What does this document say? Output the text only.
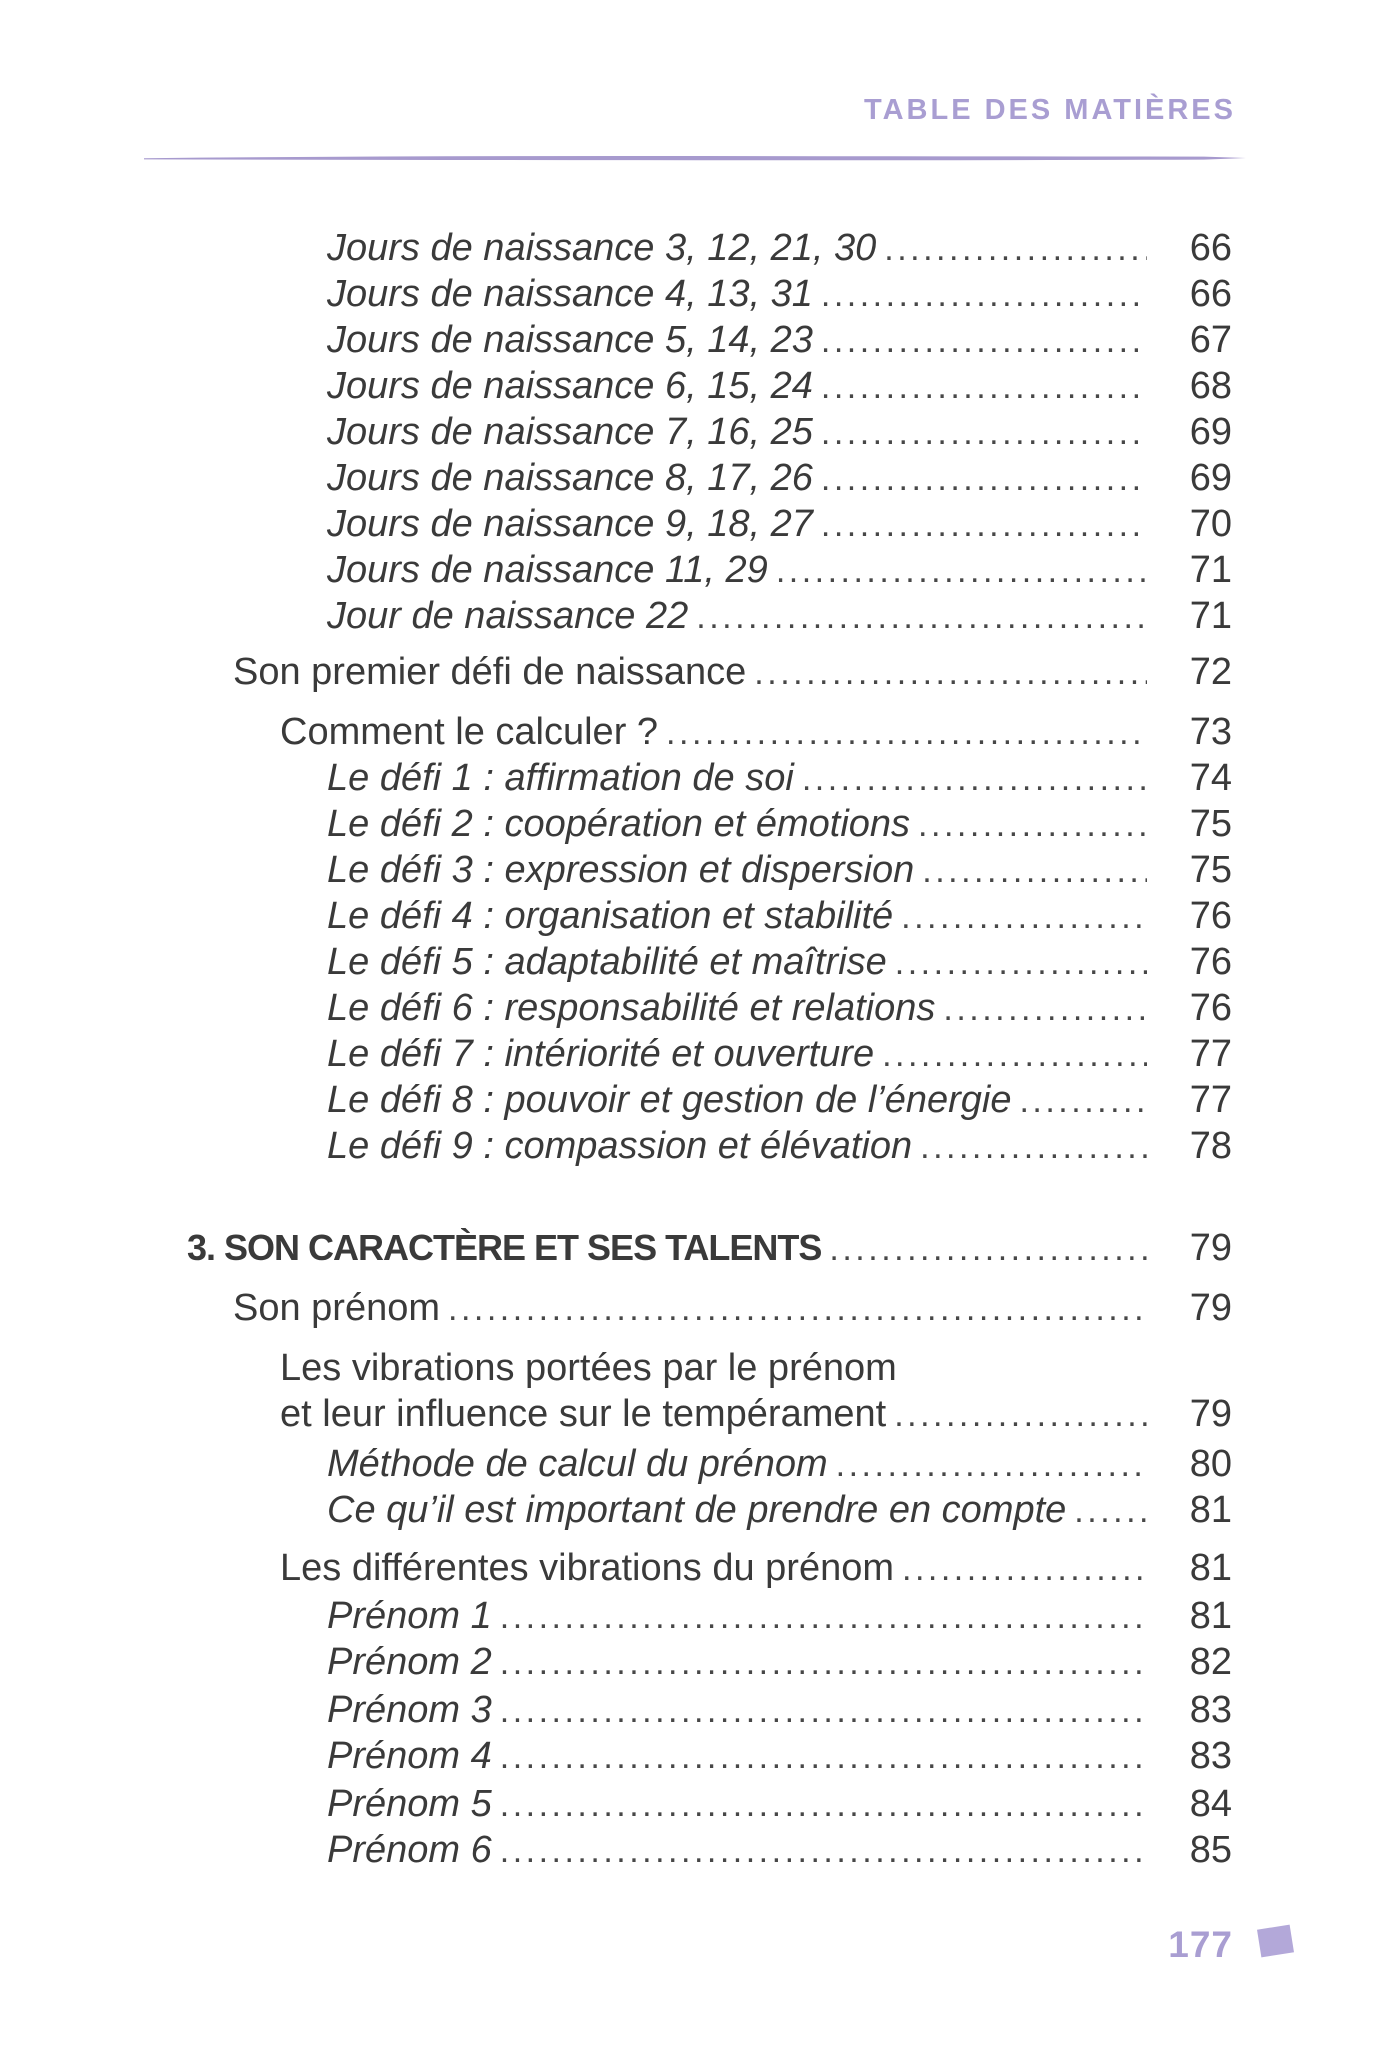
TABLE DES MATIÈRES
Jours de naissance 3, 12, 21, 30 .....	66
Jours de naissance 4, 13, 31 .....	66
Jours de naissance 5, 14, 23 .....	67
Jours de naissance 6, 15, 24 .....	68
Jours de naissance 7, 16, 25 .....	69
Jours de naissance 8, 17, 26 .....	69
Jours de naissance 9, 18, 27 .....	70
Jours de naissance 11, 29 .....	71
Jour de naissance 22 .....	71
Son premier défi de naissance .....	72
Comment le calculer ? .....	73
Le défi 1 : affirmation de soi .....	74
Le défi 2 : coopération et émotions .....	75
Le défi 3 : expression et dispersion .....	75
Le défi 4 : organisation et stabilité .....	76
Le défi 5 : adaptabilité et maîtrise .....	76
Le défi 6 : responsabilité et relations .....	76
Le défi 7 : intériorité et ouverture .....	77
Le défi 8 : pouvoir et gestion de l’énergie .....	77
Le défi 9 : compassion et élévation .....	78
3. SON CARACTÈRE ET SES TALENTS .....	79
Son prénom .....	79
Les vibrations portées par le prénom
et leur influence sur le tempérament .....	79
Méthode de calcul du prénom .....	80
Ce qu’il est important de prendre en compte .....	81
Les différentes vibrations du prénom .....	81
Prénom 1 .....	81
Prénom 2 .....	82
Prénom 3 .....	83
Prénom 4 .....	83
Prénom 5 .....	84
Prénom 6 .....	85
177
